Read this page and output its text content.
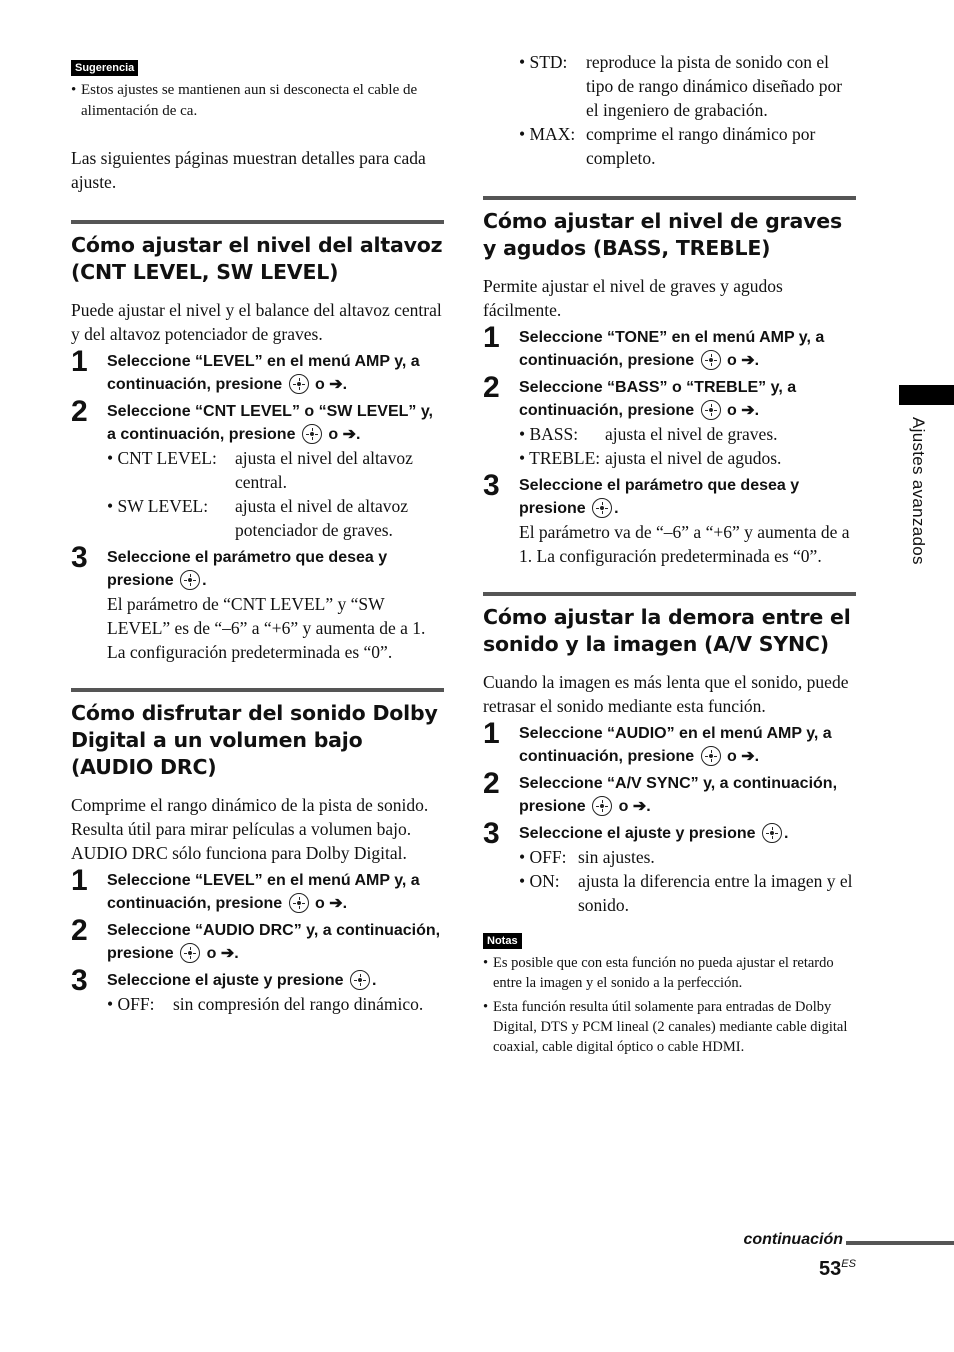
Sugerencia
• Estos ajustes se mantienen aun si desconecta el cable de alimentación de ca.

Las siguientes páginas muestran detalles para cada ajuste.

Cómo ajustar el nivel del altavoz (CNT LEVEL, SW LEVEL)

Puede ajustar el nivel y el balance del altavoz central y del altavoz potenciador de graves.

1 Seleccione “LEVEL” en el menú AMP y, a continuación, presione o ➔.
2 Seleccione “CNT LEVEL” o “SW LEVEL” y, a continuación, presione o ➔.
• CNT LEVEL:	ajusta el nivel del altavoz central.
• SW LEVEL:	ajusta el nivel de altavoz potenciador de graves.
3 Seleccione el parámetro que desea y presione .

El parámetro de “CNT LEVEL” y “SW LEVEL” es de “–6” a “+6” y aumenta de a 1. La configuración predeterminada es “0”.

Cómo disfrutar del sonido Dolby Digital a un volumen bajo (AUDIO DRC)

Comprime el rango dinámico de la pista de sonido. Resulta útil para mirar películas a volumen bajo. AUDIO DRC sólo funciona para Dolby Digital.

1 Seleccione “LEVEL” en el menú AMP y, a continuación, presione o ➔.
2 Seleccione “AUDIO DRC” y, a continuación, presione o ➔.
3 Seleccione el ajuste y presione .
• OFF:	sin compresión del rango dinámico.
• STD:	reproduce la pista de sonido con el tipo de rango dinámico diseñado por el ingeniero de grabación.
• MAX: comprime el rango dinámico por completo.
Cómo ajustar el nivel de graves y agudos (BASS, TREBLE)

Permite ajustar el nivel de graves y agudos fácilmente.

1 Seleccione “TONE” en el menú AMP y, a continuación, presione o ➔.
2 Seleccione “BASS” o “TREBLE” y, a continuación, presione o ➔.
• BASS:	ajusta el nivel de graves.
• TREBLE: ajusta el nivel de agudos.
3 Seleccione el parámetro que desea y presione .

El parámetro va de “–6” a “+6” y aumenta de a 1. La configuración predeterminada es “0”.

Cómo ajustar la demora entre el sonido y la imagen (A/V SYNC)

Cuando la imagen es más lenta que el sonido, puede retrasar el sonido mediante esta función.

1 Seleccione “AUDIO” en el menú AMP y, a continuación, presione o ➔.
2 Seleccione “A/V SYNC” y, a continuación, presione o ➔.
3 Seleccione el ajuste y presione .
• OFF: sin ajustes.
• ON:	ajusta la diferencia entre la imagen y el sonido.
Notas
• Es posible que con esta función no pueda ajustar el retardo entre la imagen y el sonido a la perfección.
• Esta función resulta útil solamente para entradas de Dolby Digital, DTS y PCM lineal (2 canales) mediante cable digital coaxial, cable digital óptico o cable HDMI.
Ajustes avanzados
continuación
$53^{ES}$
